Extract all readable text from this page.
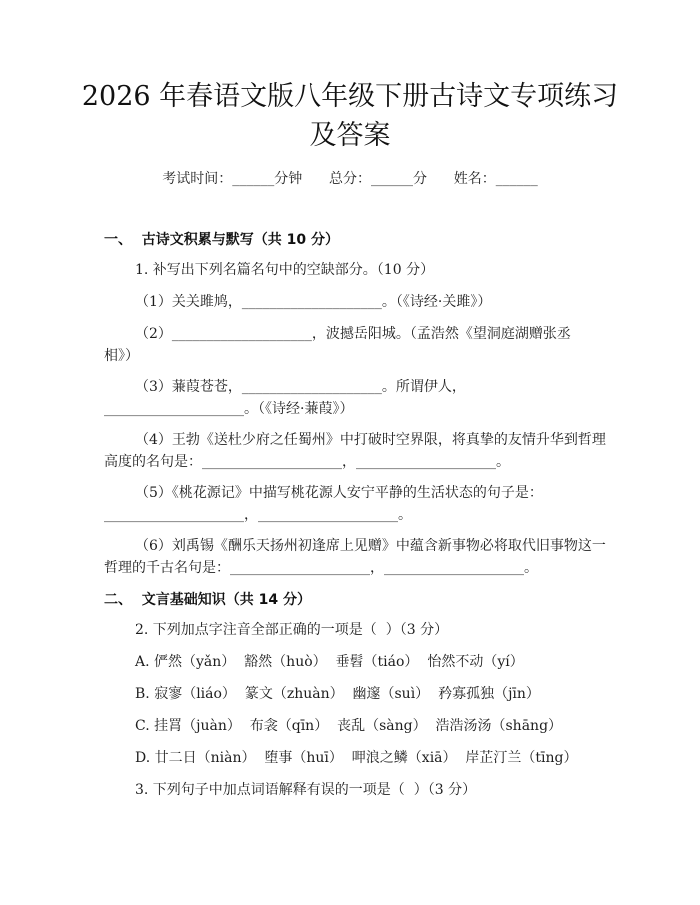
2026 年春语文版八年级下册古诗文专项练习
及答案
考试时间：______分钟      总分：______分      姓名：______
一、  古诗文积累与默写（共 10 分）
1. 补写出下列名篇名句中的空缺部分。（10 分）
（1）关关雎鸠，____________________。（《诗经·关雎》）
（2）____________________，波撼岳阳城。（孟浩然《望洞庭湖赠张丞
相》）
（3）蒹葭苍苍，____________________。所谓伊人，
____________________。（《诗经·蒹葭》）
（4）王勃《送杜少府之任蜀州》中打破时空界限，将真挚的友情升华到哲理
高度的名句是：____________________，____________________。
（5）《桃花源记》中描写桃花源人安宁平静的生活状态的句子是：
____________________，____________________。
（6）刘禹锡《酬乐天扬州初逢席上见赠》中蕴含新事物必将取代旧事物这一
哲理的千古名句是：____________________，____________________。
二、  文言基础知识（共 14 分）
2. 下列加点字注音全部正确的一项是（  ）（3 分）
A. 俨然（yǎn）  豁然（huò）  垂髫（tiáo）  怡然不动（yí）
B. 寂寥（liáo）  篆文（zhuàn）  幽邃（suì）  矜寡孤独（jīn）
C. 挂罥（juàn）  布衾（qīn）  丧乱（sàng）  浩浩汤汤（shāng）
D. 廿二日（niàn）  堕事（huī）  呷浪之鳞（xiā）  岸芷汀兰（tīng）
3. 下列句子中加点词语解释有误的一项是（  ）（3 分）
